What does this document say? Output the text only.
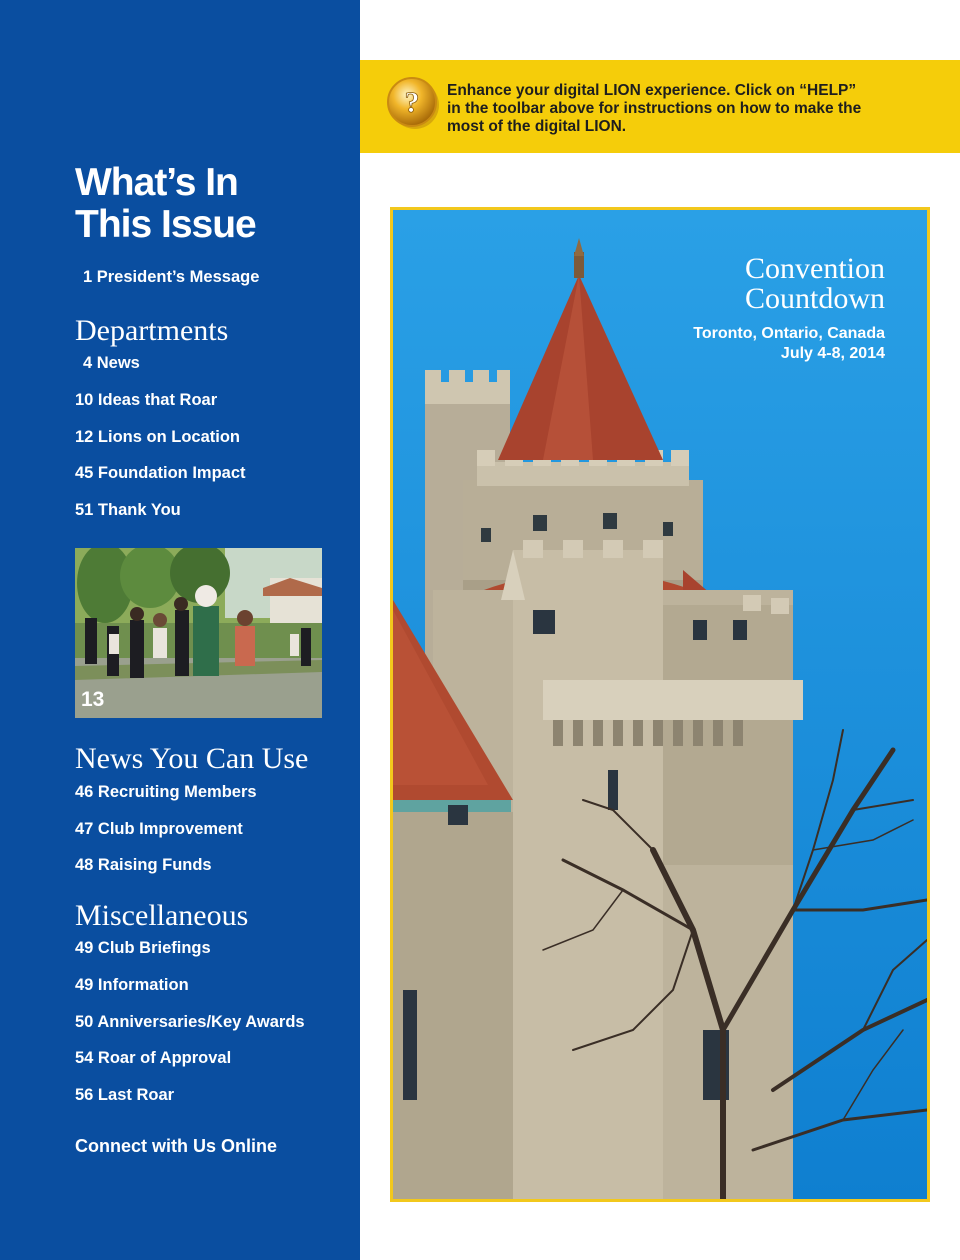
What’s In
This Issue
1 President’s Message
Departments
4 News
10 Ideas that Roar
12 Lions on Location
45 Foundation Impact
51 Thank You
13
News You Can Use
46 Recruiting Members
47 Club Improvement
48 Raising Funds
Miscellaneous
49 Club Briefings
49 Information
50 Anniversaries/Key Awards
54 Roar of Approval
56 Last Roar
Connect with Us Online
? Enhance your digital LION experience. Click on “HELP”
in the toolbar above for instructions on how to make the
most of the digital LION.

Convention
Countdown
Toronto, Ontario, Canada
July 4-8, 2014
